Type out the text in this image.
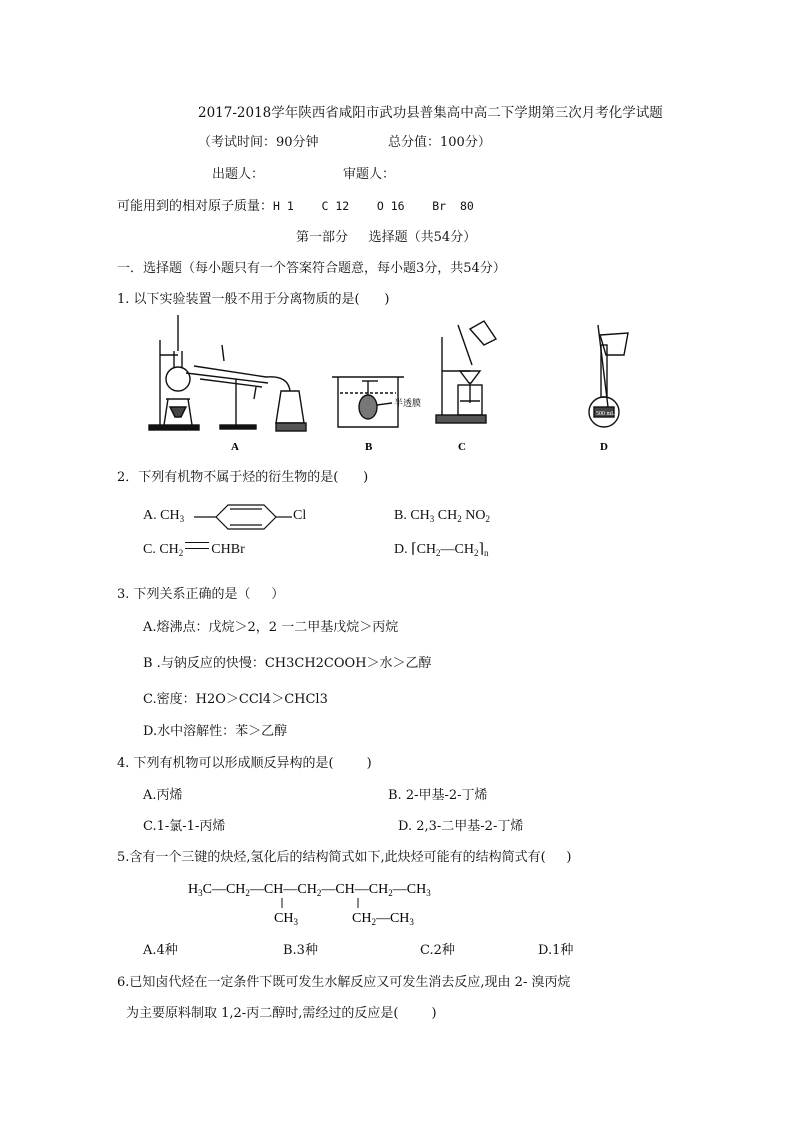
2017-2018学年陕西省咸阳市武功县普集高中高二下学期第三次月考化学试题
（考试时间：90分钟	总分值：100分）
出题人：	审题人：
可能用到的相对原子质量：H 1    C 12    O 16    Br  80
第一部分     选择题（共54分）
一．选择题（每小题只有一个答案符合题意，每小题3分，共54分）
1. 以下实验装置一般不用于分离物质的是(      )
A
半透膜
B	C
500 mL
D
2．下列有机物不属于烃的衍生物的是(      )
A. $CH_3$	Cl	B. $CH_3$ $CH_2$ $NO_2$
C. $CH_2$ CHBr	D. $⌈CH_2—CH_2⌉_n$
3. 下列关系正确的是（     ）
A.熔沸点：戊烷＞2，2 一二甲基戊烷＞丙烷
B .与钠反应的快慢：CH3CH2COOH＞水＞乙醇
C.密度：H2O＞CCl4＞CHCl3
D.水中溶解性：苯＞乙醇
4. 下列有机物可以形成顺反异构的是(        )
A.丙烯	B. 2-甲基-2-丁烯
C.1-氯-1-丙烯	D. 2,3-二甲基-2-丁烯
5.含有一个三键的炔烃,氢化后的结构简式如下,此炔烃可能有的结构简式有(     )
$H_3C—CH_2—CH—CH_2—CH—CH_2—CH_3$
$CH_3$	$CH_2—CH_3$
A.4种	B.3种	C.2种	D.1种
6.已知卤代烃在一定条件下既可发生水解反应又可发生消去反应,现由 2- 溴丙烷
为主要原料制取 1,2-丙二醇时,需经过的反应是(        )
